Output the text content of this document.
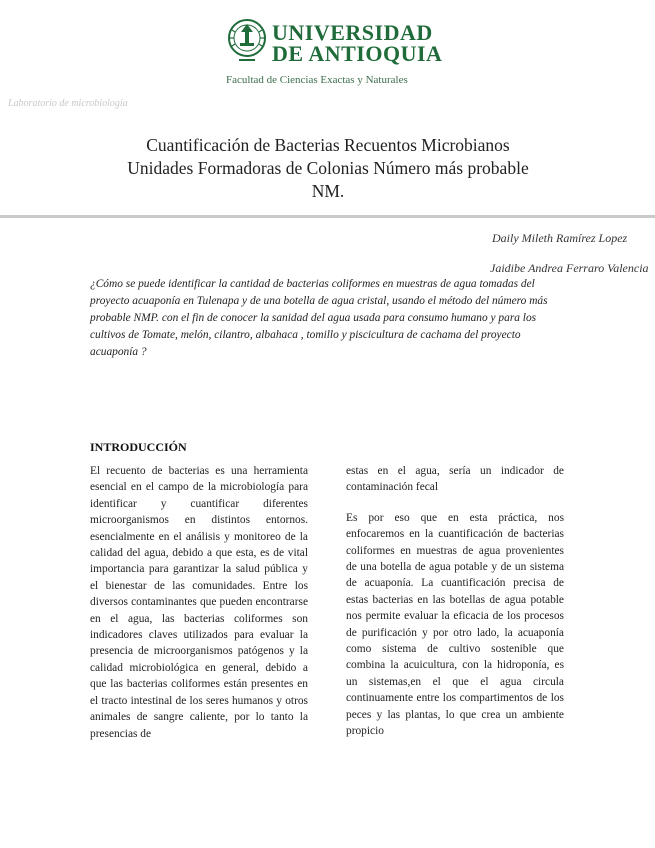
UNIVERSIDAD
DE ANTIOQUIA
Facultad de Ciencias Exactas y Naturales
Laboratorio de microbiología
Cuantificación de Bacterias Recuentos Microbianos
Unidades Formadoras de Colonias Número más probable
NM.
Daily Mileth Ramírez Lopez
Jaidibe Andrea Ferraro Valencia
¿Cómo se puede identificar la cantidad de bacterias coliformes en muestras de agua tomadas del proyecto acuaponía en Tulenapa y de una botella de agua cristal, usando el método del número más probable NMP. con el fin de conocer la sanidad del agua usada para consumo humano y para los cultivos de Tomate, melón, cilantro, albahaca , tomillo y piscicultura de cachama del proyecto acuaponía ?
INTRODUCCIÓN

El recuento de bacterias es una herramienta esencial en el campo de la microbiología para identificar y cuantificar diferentes microorganismos en distintos entornos. esencialmente en el análisis y monitoreo de la calidad del agua, debido a que esta, es de vital importancia para garantizar la salud pública y el bienestar de las comunidades. Entre los diversos contaminantes que pueden encontrarse en el agua, las bacterias coliformes son indicadores claves utilizados para evaluar la presencia de microorganismos patógenos y la calidad microbiológica en general, debido a que las bacterias coliformes están presentes en el tracto intestinal de los seres humanos y otros animales de sangre caliente, por lo tanto la presencias de

estas en el agua, sería un indicador de contaminación fecal

Es por eso que en esta práctica, nos enfocaremos en la cuantificación de bacterias coliformes en muestras de agua provenientes de una botella de agua potable y de un sistema de acuaponía. La cuantificación precisa de estas bacterias en las botellas de agua potable nos permite evaluar la eficacia de los procesos de purificación y por otro lado, la acuaponía como sistema de cultivo sostenible que combina la acuicultura, con la hidroponía, es un sistemas,en el que el agua circula continuamente entre los compartimentos de los peces y las plantas, lo que crea un ambiente propicio
